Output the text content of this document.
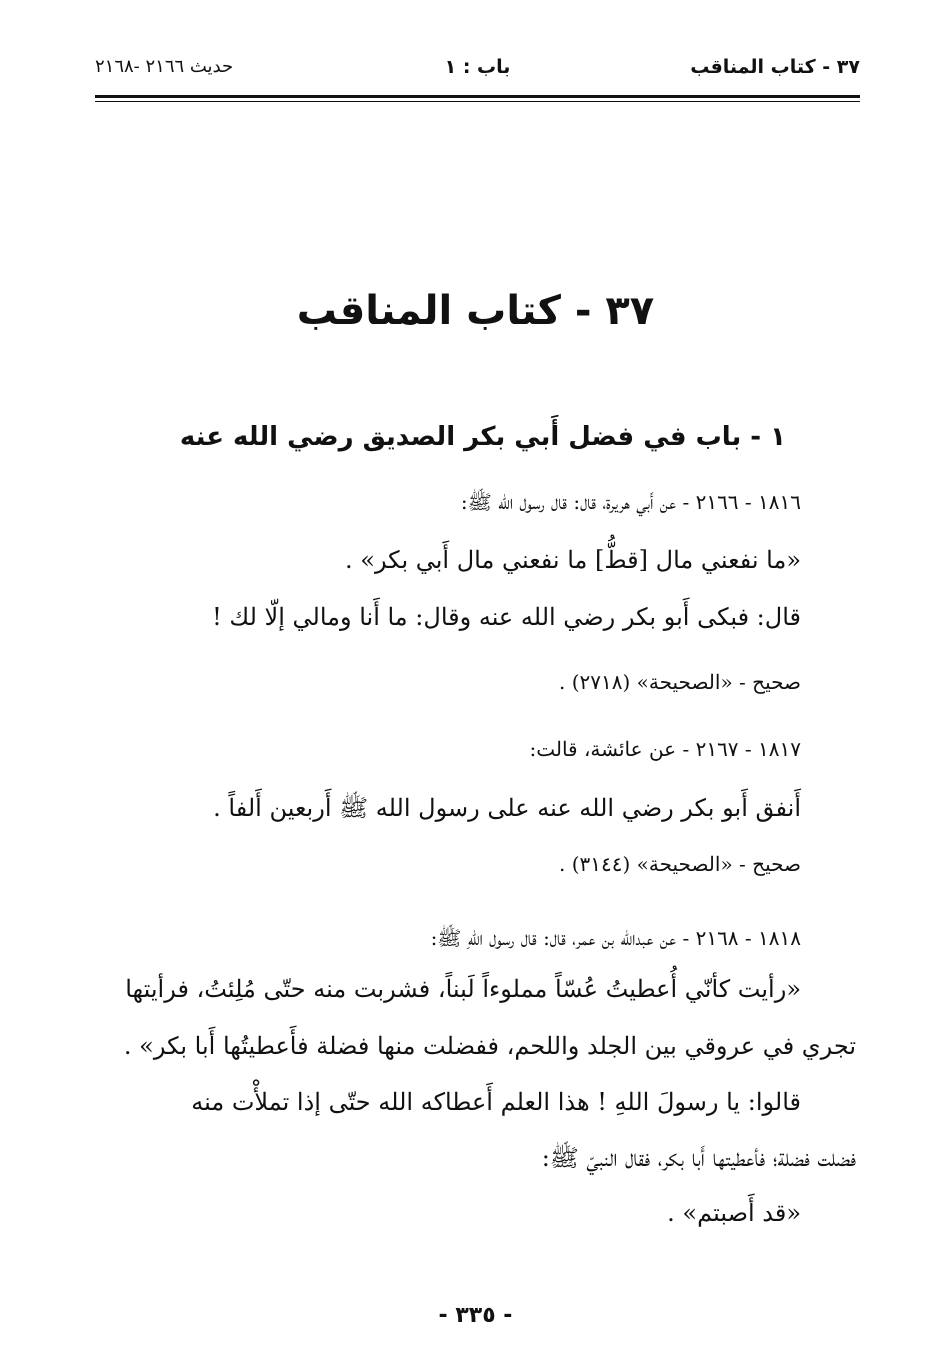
٣٧ - كتاب المناقب
باب : ١
حديث ٢١٦٦ -٢١٦٨
٣٧ - كتاب المناقب
١ - باب في فضل أَبي بكر الصديق رضي الله عنه
١٨١٦ - ٢١٦٦ - عن أَبي هريرة، قال: قال رسول الله ﷺ:
«ما نفعني مال [قطُّ] ما نفعني مال أَبي بكر» .
قال: فبكى أَبو بكر رضي الله عنه وقال: ما أَنا ومالي إلّا لك !
صحيح - «الصحيحة» (٢٧١٨) .
١٨١٧ - ٢١٦٧ - عن عائشة، قالت:
أَنفق أَبو بكر رضي الله عنه على رسول الله ﷺ أَربعين أَلفاً .
صحيح - «الصحيحة» (٣١٤٤) .
١٨١٨ - ٢١٦٨ - عن عبدالله بن عمر، قال: قال رسول اللهِ ﷺ:
«رأيت كأنّي أُعطيتُ عُسّاً مملوءاً لَبناً، فشربت منه حتّى مُلِئتُ، فرأيتها
تجري في عروقي بين الجلد واللحم، ففضلت منها فضلة فأَعطيتُها أَبا بكر» .
قالوا: يا رسولَ اللهِ ! هذا العلم أَعطاكه الله حتّى إذا تملأْت منه
فضلت فضلة؛ فأعطيتها أَبا بكر، فقال النبيّ ﷺ:
«قد أَصبتم» .
- ٣٣٥ -
